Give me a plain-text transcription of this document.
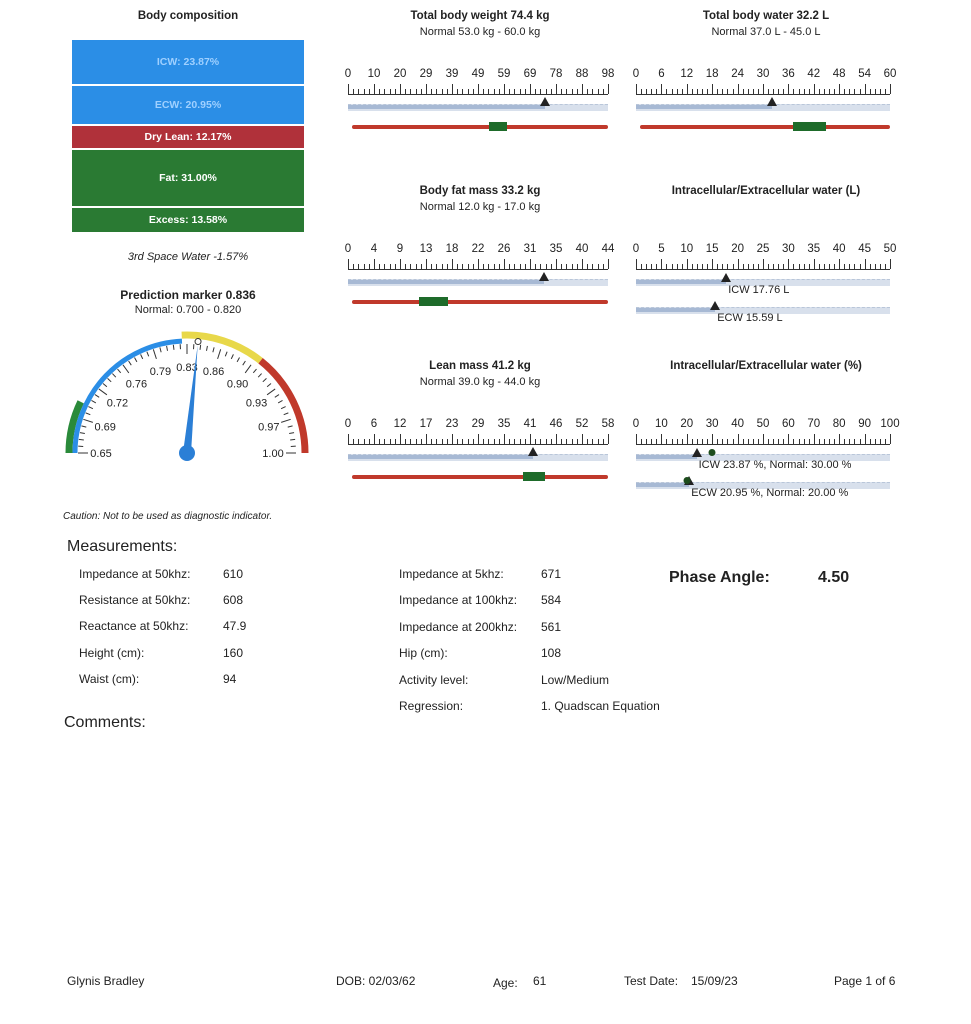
Body composition
ICW: 23.87%
ECW: 20.95%
Dry Lean: 12.17%
Fat: 31.00%
Excess: 13.58%
3rd Space Water -1.57%
Prediction marker 0.836
Normal: 0.700 - 0.820
0.65
0.69
0.72
0.76
0.79 0.83 0.86
0.90
0.93
0.97
1.00
Caution: Not to be used as diagnostic indicator.
Total body weight 74.4 kg
Normal 53.0 kg - 60.0 kg
0 10 20 29 39 49 59 69 78 88 98
Total body water 32.2 L
Normal 37.0 L - 45.0 L
0 6 12 18 24 30 36 42 48 54 60
Body fat mass 33.2 kg
Normal 12.0 kg - 17.0 kg
0 4 9 13 18 22 26 31 35 40 44
Intracellular/Extracellular water (L)
0 5 10 15 20 25 30 35 40 45 50
ICW 17.76 L
ECW 15.59 L
Lean mass 41.2 kg
Normal 39.0 kg - 44.0 kg
0 6 12 17 23 29 35 41 46 52 58
Intracellular/Extracellular water (%)
0 10 20 30 40 50 60 70 80 90 100
ICW 23.87 %, Normal: 30.00 %
ECW 20.95 %, Normal: 20.00 %
Measurements:
Impedance at 50khz:	610
Resistance at 50khz:	608
Reactance at 50khz:	47.9
Height (cm):	160
Waist (cm):	94
Impedance at 5khz:	671
Impedance at 100khz: 584
Impedance at 200khz: 561
Hip (cm):	108
Activity level:	Low/Medium
Regression:	1. Quadscan Equation
Phase Angle:	4.50
Comments:
Glynis Bradley	DOB: 02/03/62	Age: 61	Test Date: 15/09/23	Page 1 of 6
